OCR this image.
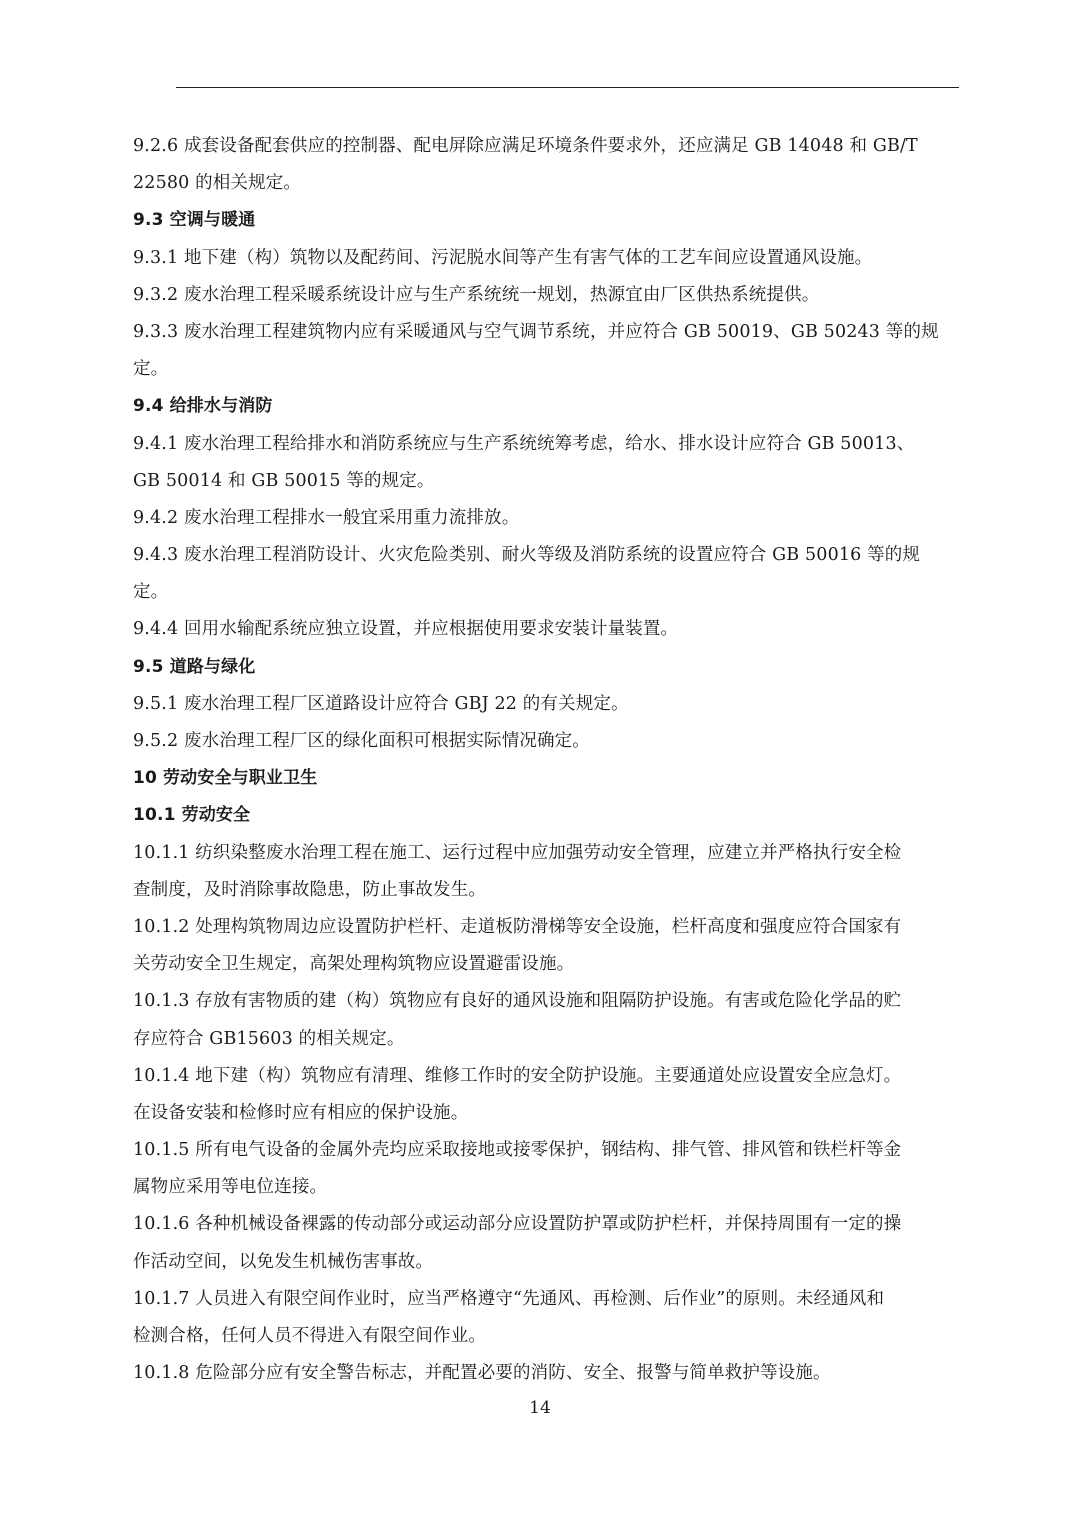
9.2.6 成套设备配套供应的控制器、配电屏除应满足环境条件要求外，还应满足 GB 14048 和 GB/T
22580 的相关规定。
9.3 空调与暖通
9.3.1 地下建（构）筑物以及配药间、污泥脱水间等产生有害气体的工艺车间应设置通风设施。
9.3.2 废水治理工程采暖系统设计应与生产系统统一规划，热源宜由厂区供热系统提供。
9.3.3 废水治理工程建筑物内应有采暖通风与空气调节系统，并应符合 GB 50019、GB 50243 等的规
定。
9.4 给排水与消防
9.4.1 废水治理工程给排水和消防系统应与生产系统统筹考虑，给水、排水设计应符合 GB 50013、
GB 50014 和 GB 50015 等的规定。
9.4.2 废水治理工程排水一般宜采用重力流排放。
9.4.3 废水治理工程消防设计、火灾危险类别、耐火等级及消防系统的设置应符合 GB 50016 等的规
定。
9.4.4 回用水输配系统应独立设置，并应根据使用要求安装计量装置。
9.5 道路与绿化
9.5.1 废水治理工程厂区道路设计应符合 GBJ 22 的有关规定。
9.5.2 废水治理工程厂区的绿化面积可根据实际情况确定。
10 劳动安全与职业卫生
10.1 劳动安全
10.1.1 纺织染整废水治理工程在施工、运行过程中应加强劳动安全管理，应建立并严格执行安全检
查制度，及时消除事故隐患，防止事故发生。
10.1.2 处理构筑物周边应设置防护栏杆、走道板防滑梯等安全设施，栏杆高度和强度应符合国家有
关劳动安全卫生规定，高架处理构筑物应设置避雷设施。
10.1.3 存放有害物质的建（构）筑物应有良好的通风设施和阻隔防护设施。有害或危险化学品的贮
存应符合 GB15603 的相关规定。
10.1.4 地下建（构）筑物应有清理、维修工作时的安全防护设施。主要通道处应设置安全应急灯。
在设备安装和检修时应有相应的保护设施。
10.1.5 所有电气设备的金属外壳均应采取接地或接零保护，钢结构、排气管、排风管和铁栏杆等金
属物应采用等电位连接。
10.1.6 各种机械设备裸露的传动部分或运动部分应设置防护罩或防护栏杆，并保持周围有一定的操
作活动空间，以免发生机械伤害事故。
10.1.7 人员进入有限空间作业时，应当严格遵守“先通风、再检测、后作业”的原则。未经通风和
检测合格，任何人员不得进入有限空间作业。
10.1.8 危险部分应有安全警告标志，并配置必要的消防、安全、报警与简单救护等设施。
14
